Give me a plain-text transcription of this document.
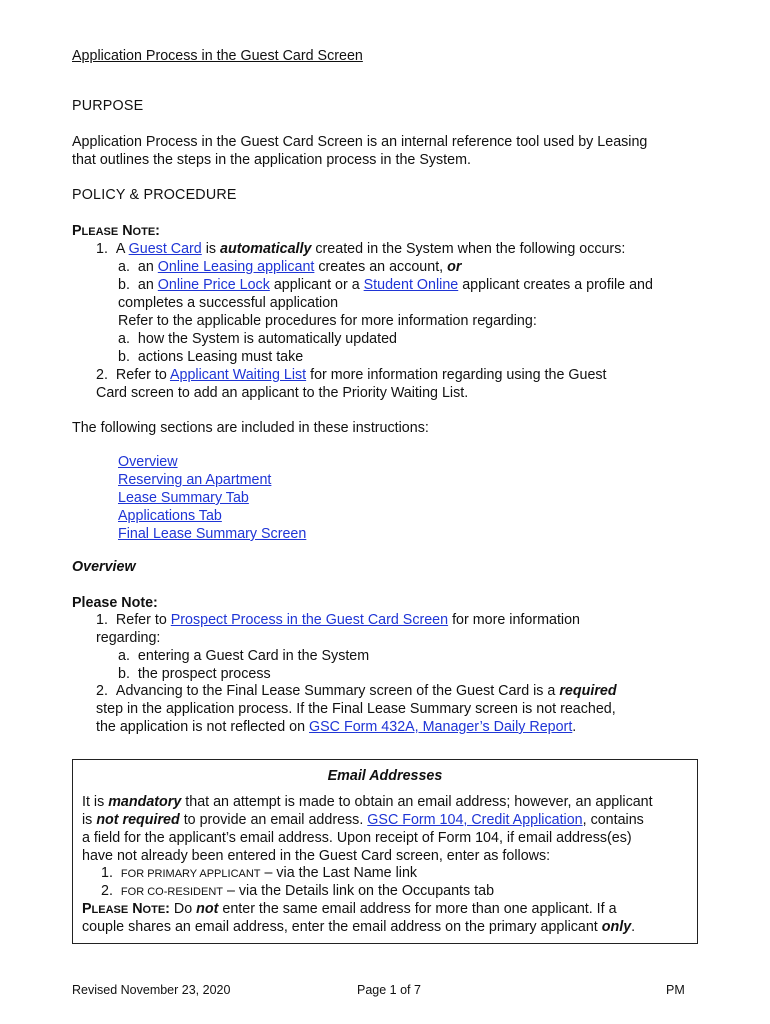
Application Process in the Guest Card Screen
PURPOSE
Application Process in the Guest Card Screen is an internal reference tool used by Leasing
that outlines the steps in the application process in the System.
POLICY & PROCEDURE
PLEASE NOTE:
1. A Guest Card is automatically created in the System when the following occurs:
a. an Online Leasing applicant creates an account, or
b. an Online Price Lock applicant or a Student Online applicant creates a profile and
completes a successful application
Refer to the applicable procedures for more information regarding:
a. how the System is automatically updated
b. actions Leasing must take
2. Refer to Applicant Waiting List for more information regarding using the Guest
Card screen to add an applicant to the Priority Waiting List.
The following sections are included in these instructions:
Overview
Reserving an Apartment
Lease Summary Tab
Applications Tab
Final Lease Summary Screen
Overview
Please Note:
1. Refer to Prospect Process in the Guest Card Screen for more information
regarding:
a. entering a Guest Card in the System
b. the prospect process
2. Advancing to the Final Lease Summary screen of the Guest Card is a required
step in the application process. If the Final Lease Summary screen is not reached,
the application is not reflected on GSC Form 432A, Manager’s Daily Report.
Email Addresses
It is mandatory that an attempt is made to obtain an email address; however, an applicant
is not required to provide an email address. GSC Form 104, Credit Application, contains
a field for the applicant’s email address. Upon receipt of Form 104, if email address(es)
have not already been entered in the Guest Card screen, enter as follows:
1. FOR PRIMARY APPLICANT – via the Last Name link
2. FOR CO-RESIDENT – via the Details link on the Occupants tab
PLEASE NOTE: Do not enter the same email address for more than one applicant. If a
couple shares an email address, enter the email address on the primary applicant only.
Revised November 23, 2020	Page 1 of 7	PM
